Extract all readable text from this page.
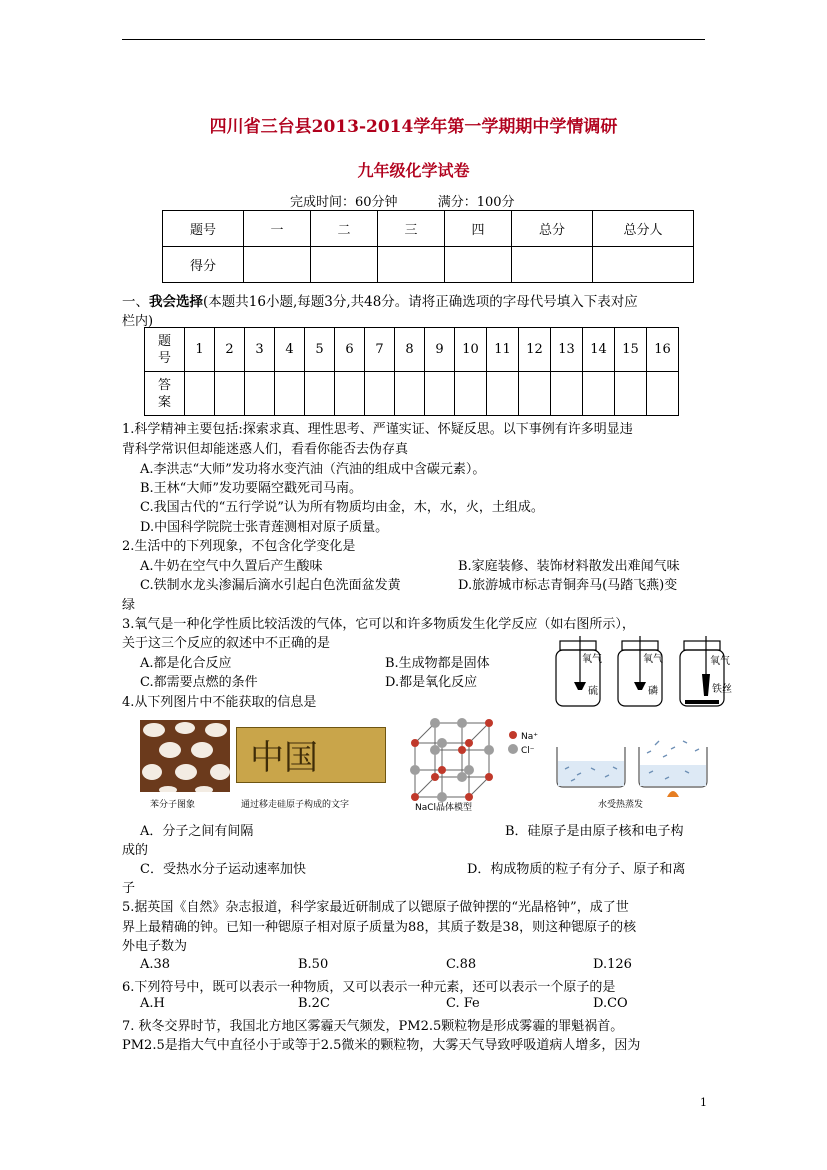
四川省三台县2013-2014学年第一学期期中学情调研
九年级化学试卷
完成时间：60分钟	满分：100分
题号	一	二	三	四	总分	总分人
得分						
一、我会选择(本题共16小题,每题3分,共48分。请将正确选项的字母代号填入下表对应
栏内)
题
号	1	2	3	4	5	6	7	8	9	10	11	12	13	14	15	16
答
案																
1.科学精神主要包括:探索求真、理性思考、严谨实证、怀疑反思。以下事例有许多明显违
背科学常识但却能迷惑人们，看看你能否去伪存真
A.李洪志“大师”发功将水变汽油（汽油的组成中含碳元素）。
B.王林“大师”发功要隔空戳死司马南。
C.我国古代的“五行学说”认为所有物质均由金，木，水，火，土组成。
D.中国科学院院士张青莲测相对原子质量。
2.生活中的下列现象，不包含化学变化是
A.牛奶在空气中久置后产生酸味	B.家庭装修、装饰材料散发出难闻气味
C.铁制水龙头渗漏后滴水引起白色洗面盆发黄	D.旅游城市标志青铜奔马(马踏飞燕)变
绿
3.氧气是一种化学性质比较活泼的气体，它可以和许多物质发生化学反应（如右图所示），
关于这三个反应的叙述中不正确的是
A.都是化合反应	B.生成物都是固体
C.都需要点燃的条件	D.都是氧化反应
氧气	氧气	氧气
硫	磷	铁丝
4.从下列图片中不能获取的信息是
苯分子图象
中国
通过移走硅原子构成的文字
Na⁺
Cl⁻
NaCl晶体模型	水受热蒸发
A．分子之间有间隔	B．硅原子是由原子核和电子构
成的
C．受热水分子运动速率加快	D．构成物质的粒子有分子、原子和离
子
5.据英国《自然》杂志报道，科学家最近研制成了以锶原子做钟摆的“光晶格钟”，成了世
界上最精确的钟。已知一种锶原子相对原子质量为88，其质子数是38，则这种锶原子的核
外电子数为
A.38	B.50	C.88	D.126
6.下列符号中，既可以表示一种物质，又可以表示一种元素，还可以表示一个原子的是
A.H	B.2C	C. Fe	D.CO
7. 秋冬交界时节，我国北方地区雾霾天气频发，PM2.5颗粒物是形成雾霾的罪魁祸首。
PM2.5是指大气中直径小于或等于2.5微米的颗粒物，大雾天气导致呼吸道病人增多，因为
1
